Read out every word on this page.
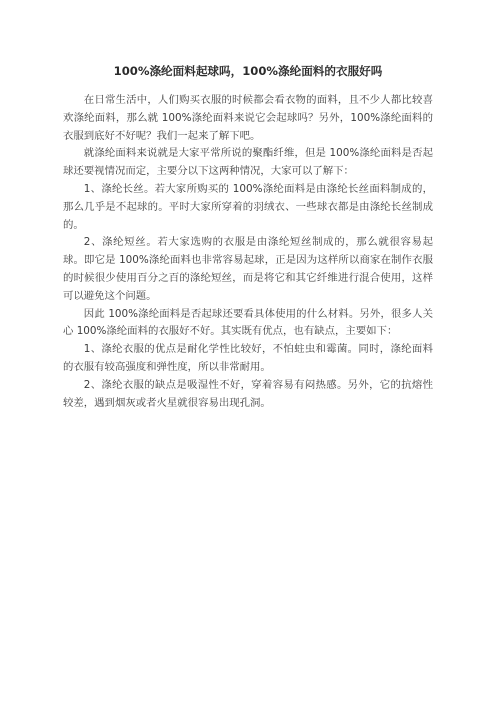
100%涤纶面料起球吗，100%涤纶面料的衣服好吗

在日常生活中，人们购买衣服的时候都会看衣物的面料，且不少人都比较喜欢涤纶面料，那么就 100%涤纶面料来说它会起球吗？另外，100%涤纶面料的衣服到底好不好呢？我们一起来了解下吧。

就涤纶面料来说就是大家平常所说的聚酯纤维，但是 100%涤纶面料是否起球还要视情况而定，主要分以下这两种情况，大家可以了解下：

1、涤纶长丝。若大家所购买的 100%涤纶面料是由涤纶长丝面料制成的，那么几乎是不起球的。平时大家所穿着的羽绒衣、一些球衣都是由涤纶长丝制成的。

2、涤纶短丝。若大家选购的衣服是由涤纶短丝制成的，那么就很容易起球。即它是 100%涤纶面料也非常容易起球，正是因为这样所以商家在制作衣服的时候很少使用百分之百的涤纶短丝，而是将它和其它纤维进行混合使用，这样可以避免这个问题。

因此 100%涤纶面料是否起球还要看具体使用的什么材料。另外，很多人关心 100%涤纶面料的衣服好不好。其实既有优点，也有缺点，主要如下：

1、涤纶衣服的优点是耐化学性比较好，不怕蛀虫和霉菌。同时，涤纶面料的衣服有较高强度和弹性度，所以非常耐用。

2、涤纶衣服的缺点是吸湿性不好，穿着容易有闷热感。另外，它的抗熔性较差，遇到烟灰或者火星就很容易出现孔洞。
